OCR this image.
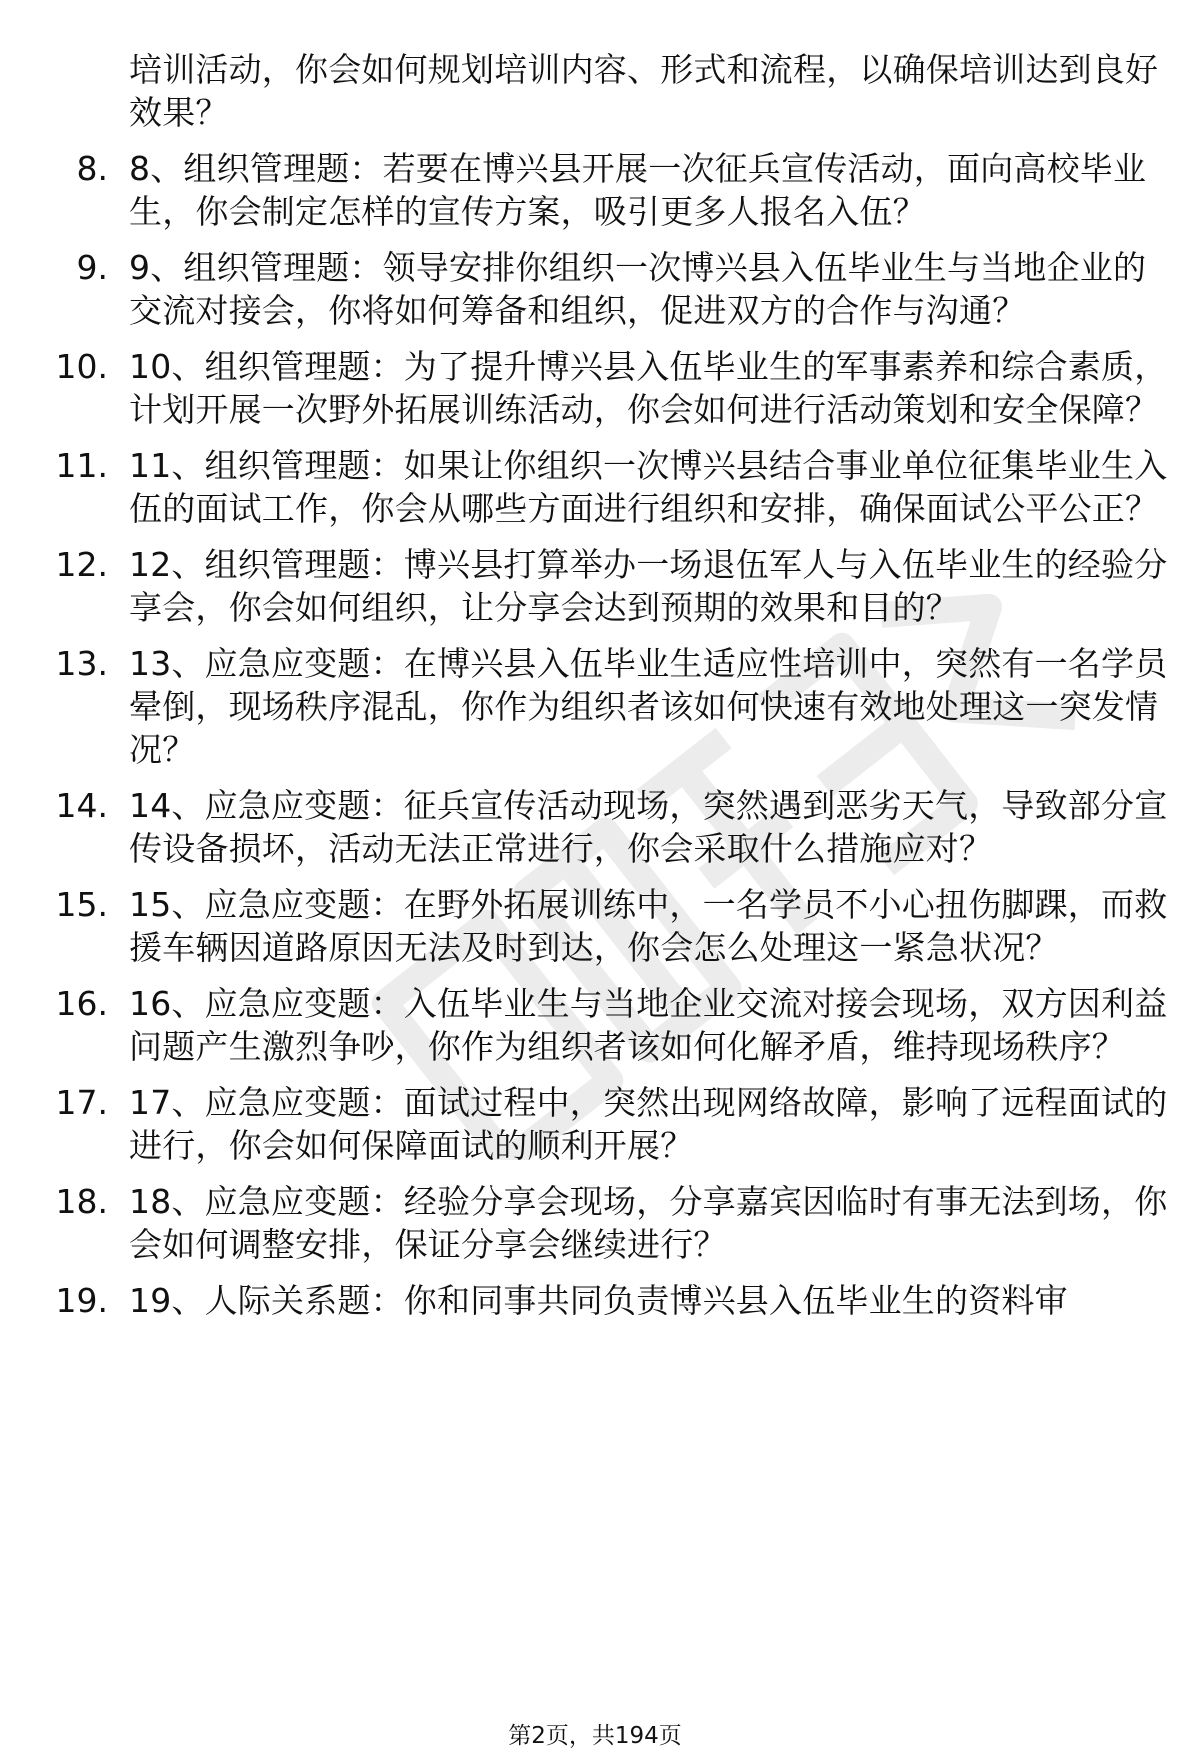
培训活动，你会如何规划培训内容、形式和流程，以确保培训达到良好效果？
8. 8、组织管理题：若要在博兴县开展一次征兵宣传活动，面向高校毕业生，你会制定怎样的宣传方案，吸引更多人报名入伍？
9. 9、组织管理题：领导安排你组织一次博兴县入伍毕业生与当地企业的交流对接会，你将如何筹备和组织，促进双方的合作与沟通？
10. 10、组织管理题：为了提升博兴县入伍毕业生的军事素养和综合素质，计划开展一次野外拓展训练活动，你会如何进行活动策划和安全保障？
11. 11、组织管理题：如果让你组织一次博兴县结合事业单位征集毕业生入伍的面试工作，你会从哪些方面进行组织和安排，确保面试公平公正？
12. 12、组织管理题：博兴县打算举办一场退伍军人与入伍毕业生的经验分享会，你会如何组织，让分享会达到预期的效果和目的？
13. 13、应急应变题：在博兴县入伍毕业生适应性培训中，突然有一名学员晕倒，现场秩序混乱，你作为组织者该如何快速有效地处理这一突发情况？
14. 14、应急应变题：征兵宣传活动现场，突然遇到恶劣天气，导致部分宣传设备损坏，活动无法正常进行，你会采取什么措施应对？
15. 15、应急应变题：在野外拓展训练中，一名学员不小心扭伤脚踝，而救援车辆因道路原因无法及时到达，你会怎么处理这一紧急状况？
16. 16、应急应变题：入伍毕业生与当地企业交流对接会现场，双方因利益问题产生激烈争吵，你作为组织者该如何化解矛盾，维持现场秩序？
17. 17、应急应变题：面试过程中，突然出现网络故障，影响了远程面试的进行，你会如何保障面试的顺利开展？
18. 18、应急应变题：经验分享会现场，分享嘉宾因临时有事无法到场，你会如何调整安排，保证分享会继续进行？
19. 19、人际关系题：你和同事共同负责博兴县入伍毕业生的资料审
第2页，共194页
